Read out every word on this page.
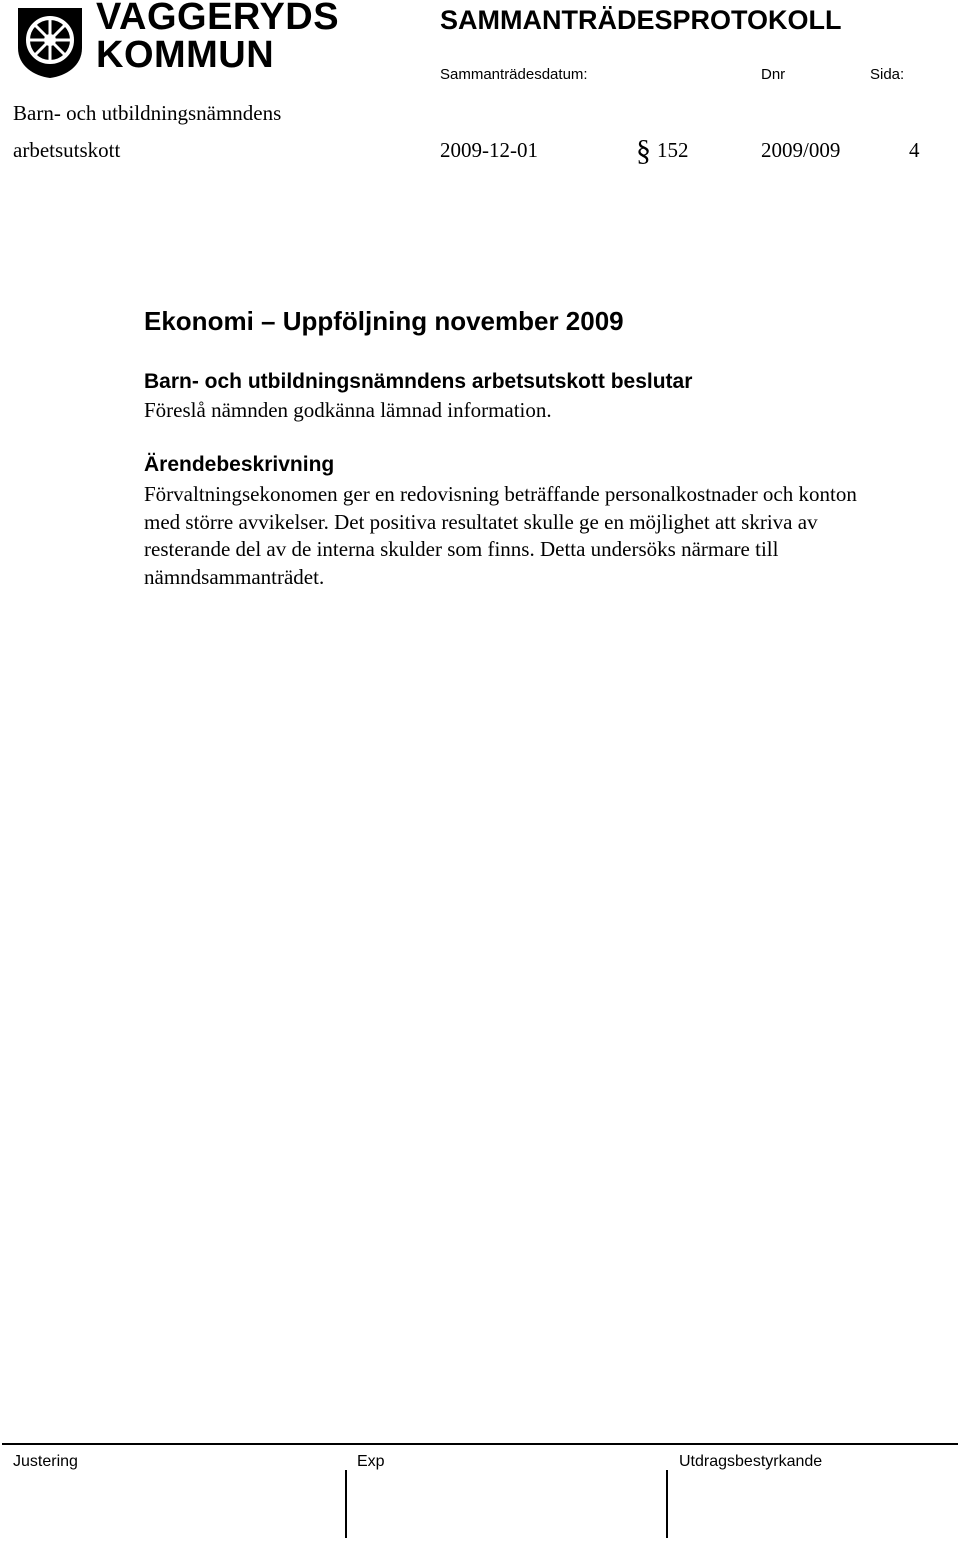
VAGGERYDS
KOMMUN
SAMMANTRÄDESPROTOKOLL
Sammanträdesdatum:	Dnr	Sida:
Barn- och utbildningsnämndens
arbetsutskott	2009-12-01	§ 152	2009/009	4
Ekonomi – Uppföljning november 2009
Barn- och utbildningsnämndens arbetsutskott beslutar
Föreslå nämnden godkänna lämnad information.
Ärendebeskrivning

Förvaltningsekonomen ger en redovisning beträffande personalkostnader och konton med större avvikelser. Det positiva resultatet skulle ge en möjlighet att skriva av resterande del av de interna skulder som finns. Detta undersöks närmare till nämndsammanträdet.

Justering	Exp	Utdragsbestyrkande
